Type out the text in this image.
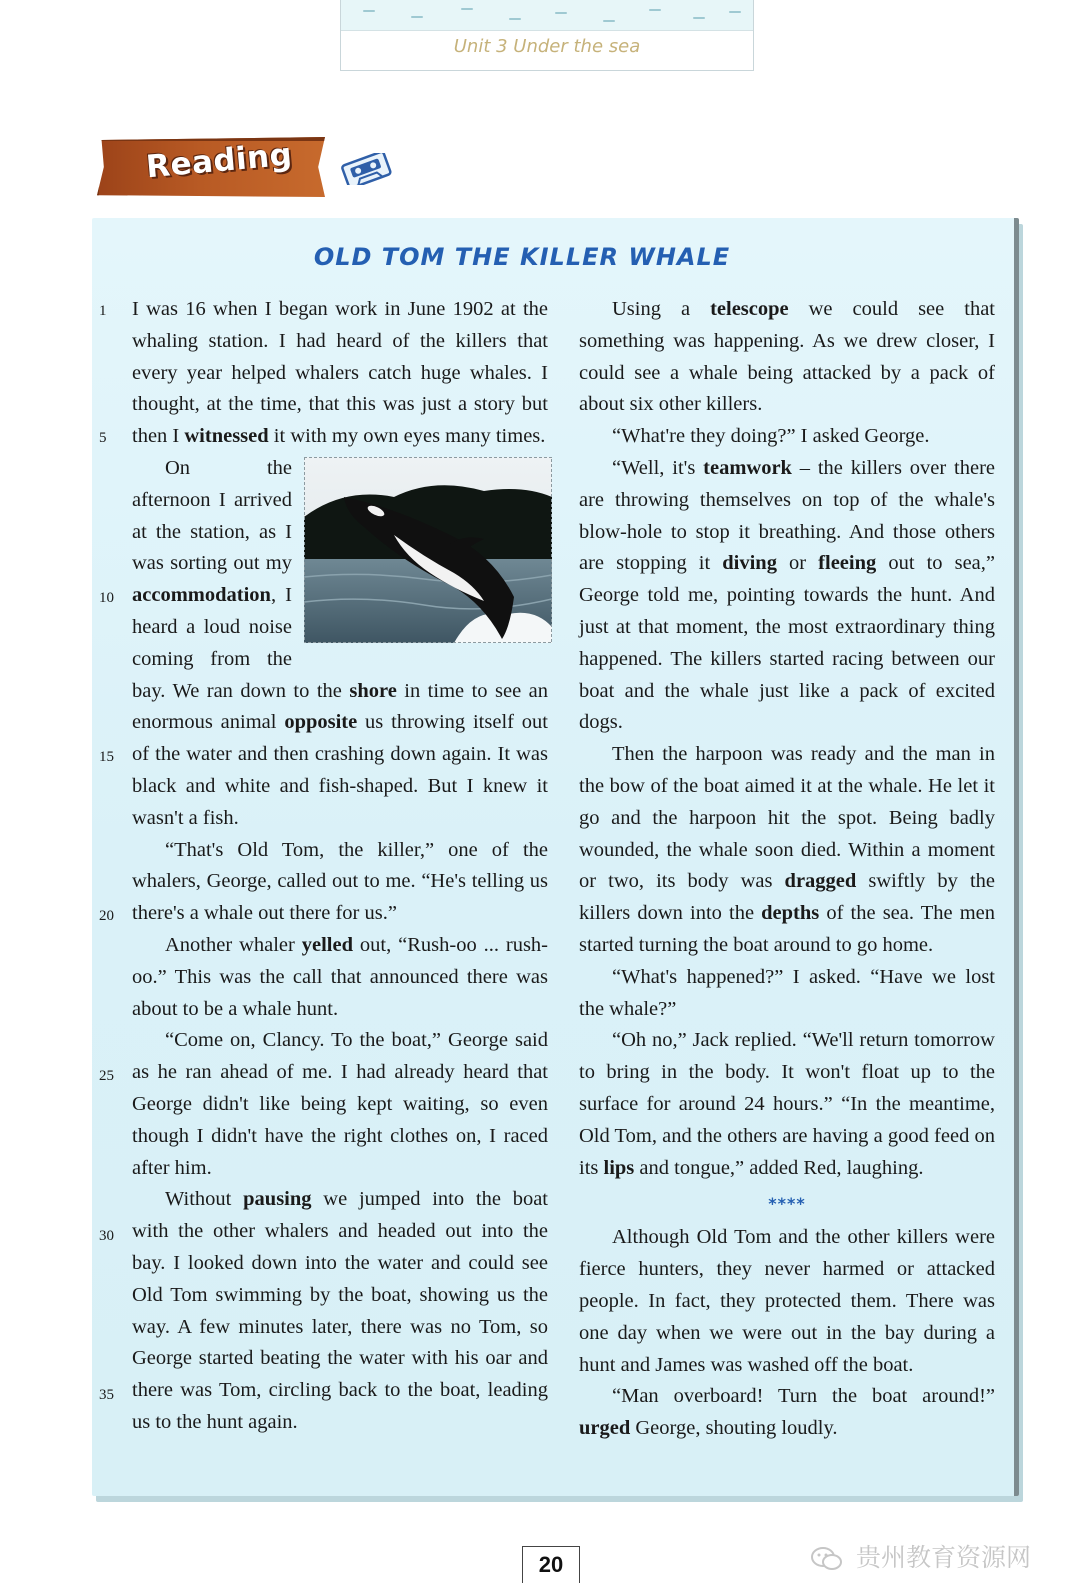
Unit 3 Under the sea
Reading
OLD TOM THE KILLER WHALE
1
5
10
15
20
25
30
35

I was 16 when I began work in June 1902 at the whaling station. I had heard of the killers that every year helped whalers catch huge whales. I thought, at the time, that this was just a story but then I witnessed it with my own eyes many times.

On the afternoon I arrived at the station, as I was sorting out my accommodation, I heard a loud noise coming from the bay. We ran down to the shore in time to see an enormous animal opposite us throwing itself out of the water and then crashing down again. It was black and white and fish-shaped. But I knew it wasn't a fish.

“That's Old Tom, the killer,” one of the whalers, George, called out to me. “He's telling us there's a whale out there for us.”

Another whaler yelled out, “Rush-oo ... rush-oo.” This was the call that announced there was about to be a whale hunt.

“Come on, Clancy. To the boat,” George said as he ran ahead of me. I had already heard that George didn't like being kept waiting, so even though I didn't have the right clothes on, I raced after him.

Without pausing we jumped into the boat with the other whalers and headed out into the bay. I looked down into the water and could see Old Tom swimming by the boat, showing us the way. A few minutes later, there was no Tom, so George started beating the water with his oar and there was Tom, circling back to the boat, leading us to the hunt again.

Using a telescope we could see that something was happening. As we drew closer, I could see a whale being attacked by a pack of about six other killers.

“What're they doing?” I asked George.

“Well, it's teamwork – the killers over there are throwing themselves on top of the whale's blow-hole to stop it breathing. And those others are stopping it diving or fleeing out to sea,” George told me, pointing towards the hunt. And just at that moment, the most extraordinary thing happened. The killers started racing between our boat and the whale just like a pack of excited dogs.

Then the harpoon was ready and the man in the bow of the boat aimed it at the whale. He let it go and the harpoon hit the spot. Being badly wounded, the whale soon died. Within a moment or two, its body was dragged swiftly by the killers down into the depths of the sea. The men started turning the boat around to go home.

“What's happened?” I asked. “Have we lost the whale?”

“Oh no,” Jack replied. “We'll return tomorrow to bring in the body. It won't float up to the surface for around 24 hours.” “In the meantime, Old Tom, and the others are having a good feed on its lips and tongue,” added Red, laughing.

****

Although Old Tom and the other killers were fierce hunters, they never harmed or attacked people. In fact, they protected them. There was one day when we were out in the bay during a hunt and James was washed off the boat.

“Man overboard! Turn the boat around!” urged George, shouting loudly.

20	贵州教育资源网
